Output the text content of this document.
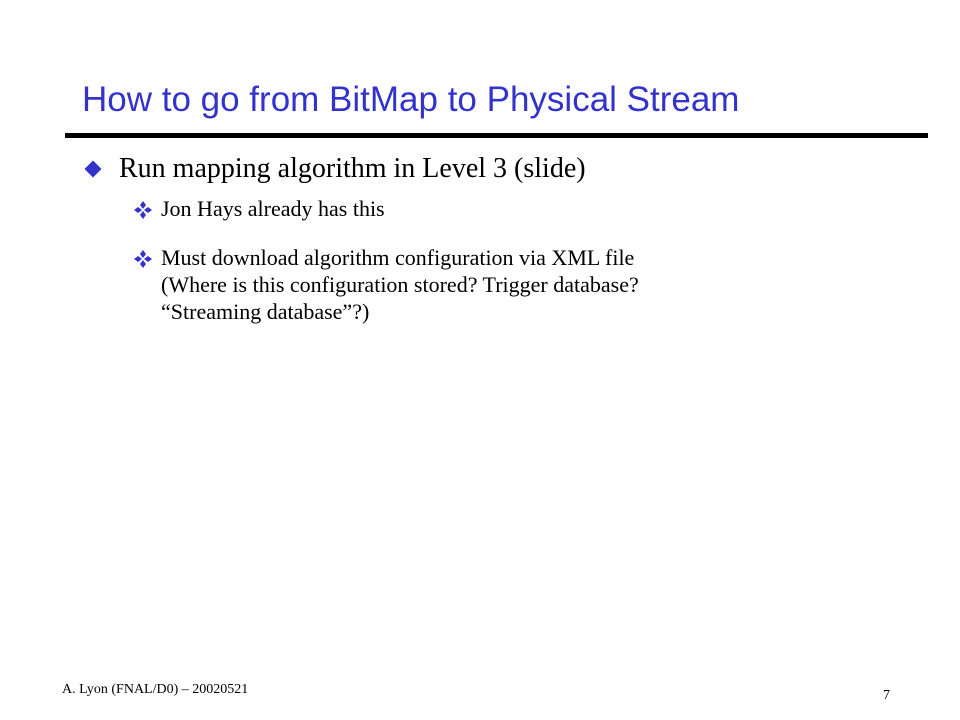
How to go from BitMap to Physical Stream
Run mapping algorithm in Level 3 (slide)
Jon Hays already has this
Must download algorithm configuration via XML file
(Where is this configuration stored? Trigger database?
“Streaming database”?)
A. Lyon (FNAL/D0) – 20020521	7
